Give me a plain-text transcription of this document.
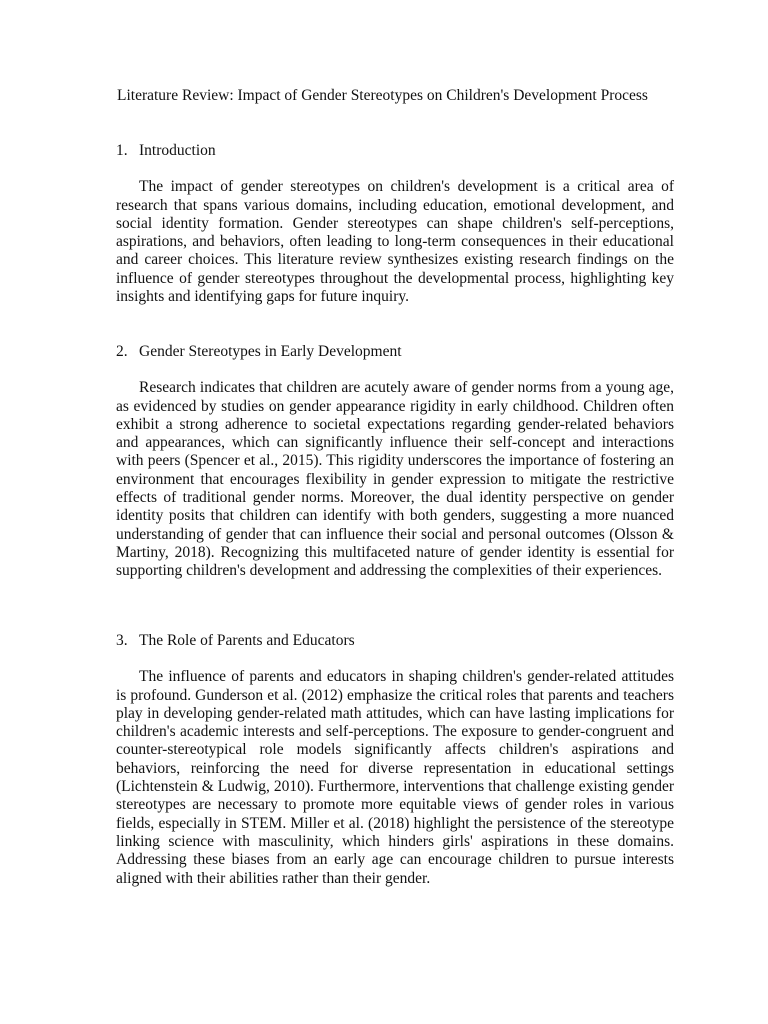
Literature Review: Impact of Gender Stereotypes on Children's Development Process
1. Introduction

The impact of gender stereotypes on children's development is a critical area of research that spans various domains, including education, emotional development, and social identity formation. Gender stereotypes can shape children's self-perceptions, aspirations, and behaviors, often leading to long-term consequences in their educational and career choices. This literature review synthesizes existing research findings on the influence of gender stereotypes throughout the developmental process, highlighting key insights and identifying gaps for future inquiry.

2. Gender Stereotypes in Early Development

Research indicates that children are acutely aware of gender norms from a young age, as evidenced by studies on gender appearance rigidity in early childhood. Children often exhibit a strong adherence to societal expectations regarding gender-related behaviors and appearances, which can significantly influence their self-concept and interactions with peers (Spencer et al., 2015). This rigidity underscores the importance of fostering an environment that encourages flexibility in gender expression to mitigate the restrictive effects of traditional gender norms. Moreover, the dual identity perspective on gender identity posits that children can identify with both genders, suggesting a more nuanced understanding of gender that can influence their social and personal outcomes (Olsson & Martiny, 2018). Recognizing this multifaceted nature of gender identity is essential for supporting children's development and addressing the complexities of their experiences.

3. The Role of Parents and Educators

The influence of parents and educators in shaping children's gender-related attitudes is profound. Gunderson et al. (2012) emphasize the critical roles that parents and teachers play in developing gender-related math attitudes, which can have lasting implications for children's academic interests and self-perceptions. The exposure to gender-congruent and counter-stereotypical role models significantly affects children's aspirations and behaviors, reinforcing the need for diverse representation in educational settings (Lichtenstein & Ludwig, 2010). Furthermore, interventions that challenge existing gender stereotypes are necessary to promote more equitable views of gender roles in various fields, especially in STEM. Miller et al. (2018) highlight the persistence of the stereotype linking science with masculinity, which hinders girls' aspirations in these domains. Addressing these biases from an early age can encourage children to pursue interests aligned with their abilities rather than their gender.
